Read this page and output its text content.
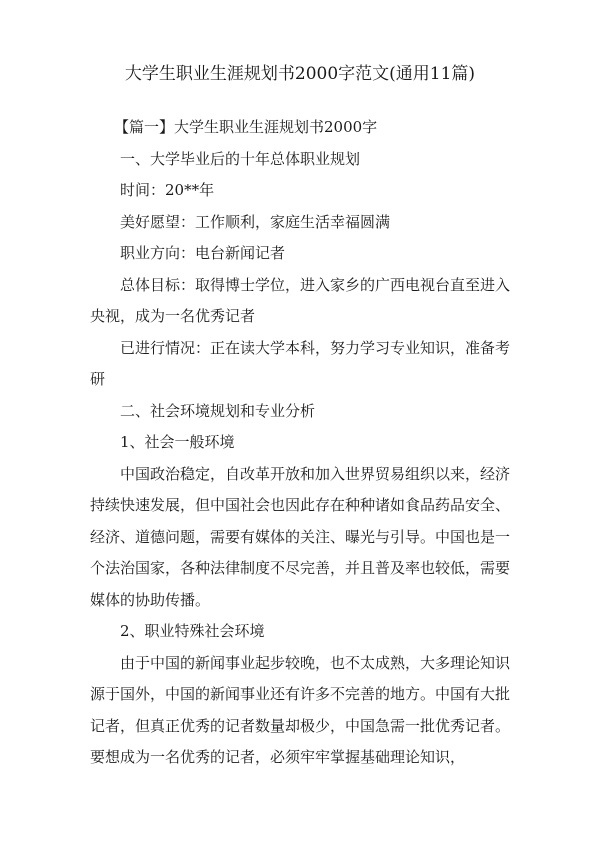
大学生职业生涯规划书2000字范文(通用11篇)

【篇一】大学生职业生涯规划书2000字

一、大学毕业后的十年总体职业规划

时间：20**年

美好愿望：工作顺利，家庭生活幸福圆满

职业方向：电台新闻记者

总体目标：取得博士学位，进入家乡的广西电视台直至进入央视，成为一名优秀记者

已进行情况：正在读大学本科，努力学习专业知识，准备考研

二、社会环境规划和专业分析

1、社会一般环境

中国政治稳定，自改革开放和加入世界贸易组织以来，经济持续快速发展，但中国社会也因此存在种种诸如食品药品安全、经济、道德问题，需要有媒体的关注、曝光与引导。中国也是一个法治国家，各种法律制度不尽完善，并且普及率也较低，需要媒体的协助传播。

2、职业特殊社会环境

由于中国的新闻事业起步较晚，也不太成熟，大多理论知识源于国外，中国的新闻事业还有许多不完善的地方。中国有大批记者，但真正优秀的记者数量却极少，中国急需一批优秀记者。要想成为一名优秀的记者，必须牢牢掌握基础理论知识，
